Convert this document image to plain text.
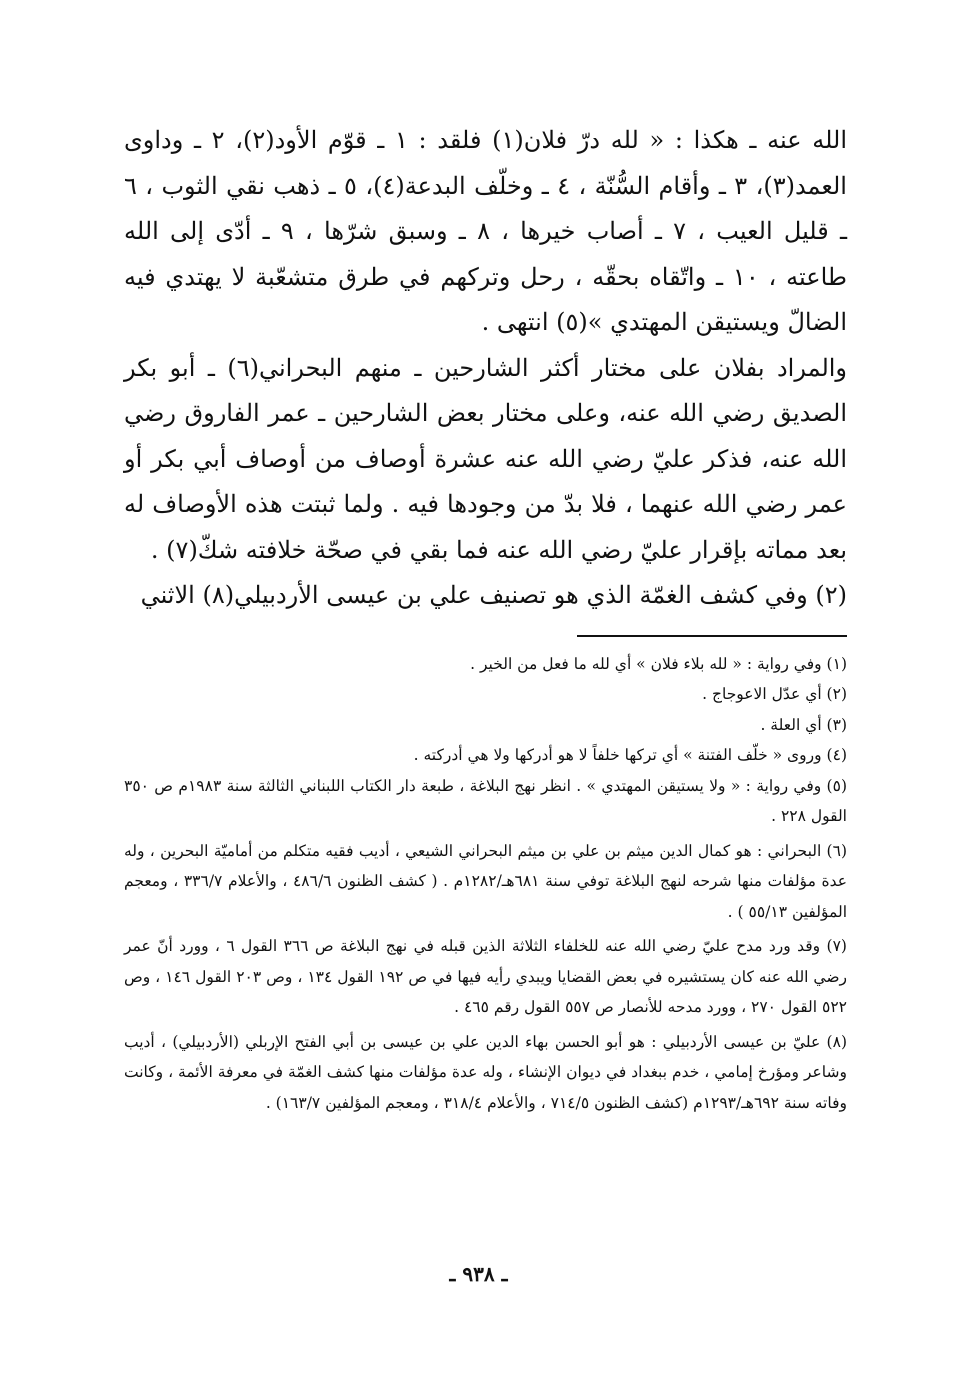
الله عنه ـ هكذا : « لله درّ فلان(١) فلقد : ١ ـ قوّم الأود(٢)، ٢ ـ وداوى العمد(٣)، ٣ ـ وأقام السُّنّة ، ٤ ـ وخلّف البدعة(٤)، ٥ ـ ذهب نقي الثوب ، ٦ ـ قليل العيب ، ٧ ـ أصاب خيرها ، ٨ ـ وسبق شرّها ، ٩ ـ أدّى إلى الله طاعته ، ١٠ ـ واتّقاه بحقّه ، رحل وتركهم في طرق متشعّبة لا يهتدي فيه الضالّ ويستيقن المهتدي »(٥) انتهى .

والمراد بفلان على مختار أكثر الشارحين ـ منهم البحراني(٦) ـ أبو بكر الصديق رضي الله عنه، وعلى مختار بعض الشارحين ـ عمر الفاروق رضي الله عنه، فذكر عليّ رضي الله عنه عشرة أوصاف من أوصاف أبي بكر أو عمر رضي الله عنهما ، فلا بدّ من وجودها فيه . ولما ثبتت هذه الأوصاف له بعد مماته بإقرار عليّ رضي الله عنه فما بقي في صحّة خلافته شكّ(٧) .

(٢) وفي كشف الغمّة الذي هو تصنيف علي بن عيسى الأردبيلي(٨) الاثني

(١) وفي رواية : « لله بلاء فلان » أي لله ما فعل من الخير .

(٢) أي عدّل الاعوجاج .

(٣) أي العلة .

(٤) وروى « خلّف الفتنة » أي تركها خلفاً لا هو أدركها ولا هي أدركته .

(٥) وفي رواية : « ولا يستيقن المهتدي » . انظر نهج البلاغة ، طبعة دار الكتاب اللبناني الثالثة سنة ١٩٨٣م ص ٣٥٠ القول ٢٢٨ .

(٦) البحراني : هو كمال الدين ميثم بن علي بن ميثم البحراني الشيعي ، أديب فقيه متكلم من أماميّة البحرين ، وله عدة مؤلفات منها شرحه لنهج البلاغة توفي سنة ٦٨١هـ/١٢٨٢م . ( كشف الظنون ٤٨٦/٦ ، والأعلام ٣٣٦/٧ ، ومعجم المؤلفين ٥٥/١٣ ) .

(٧) وقد ورد مدح عليّ رضي الله عنه للخلفاء الثلاثة الذين قبله في نهج البلاغة ص ٣٦٦ القول ٦ ، وورد أنّ عمر رضي الله عنه كان يستشيره في بعض القضايا ويبدي رأيه فيها في ص ١٩٢ القول ١٣٤ ، وص ٢٠٣ القول ١٤٦ ، وص ٥٢٢ القول ٢٧٠ ، وورد مدحه للأنصار ص ٥٥٧ القول رقم ٤٦٥ .

(٨) عليّ بن عيسى الأردبيلي : هو أبو الحسن بهاء الدين علي بن عيسى بن أبي الفتح الإربلي (الأردبيلي) ، أديب وشاعر ومؤرخ إمامي ، خدم ببغداد في ديوان الإنشاء ، وله عدة مؤلفات منها كشف الغمّة في معرفة الأئمة ، وكانت وفاته سنة ٦٩٢هـ/١٢٩٣م (كشف الظنون ٧١٤/٥ ، والأعلام ٣١٨/٤ ، ومعجم المؤلفين ١٦٣/٧) .

ـ ٩٣٨ ـ
